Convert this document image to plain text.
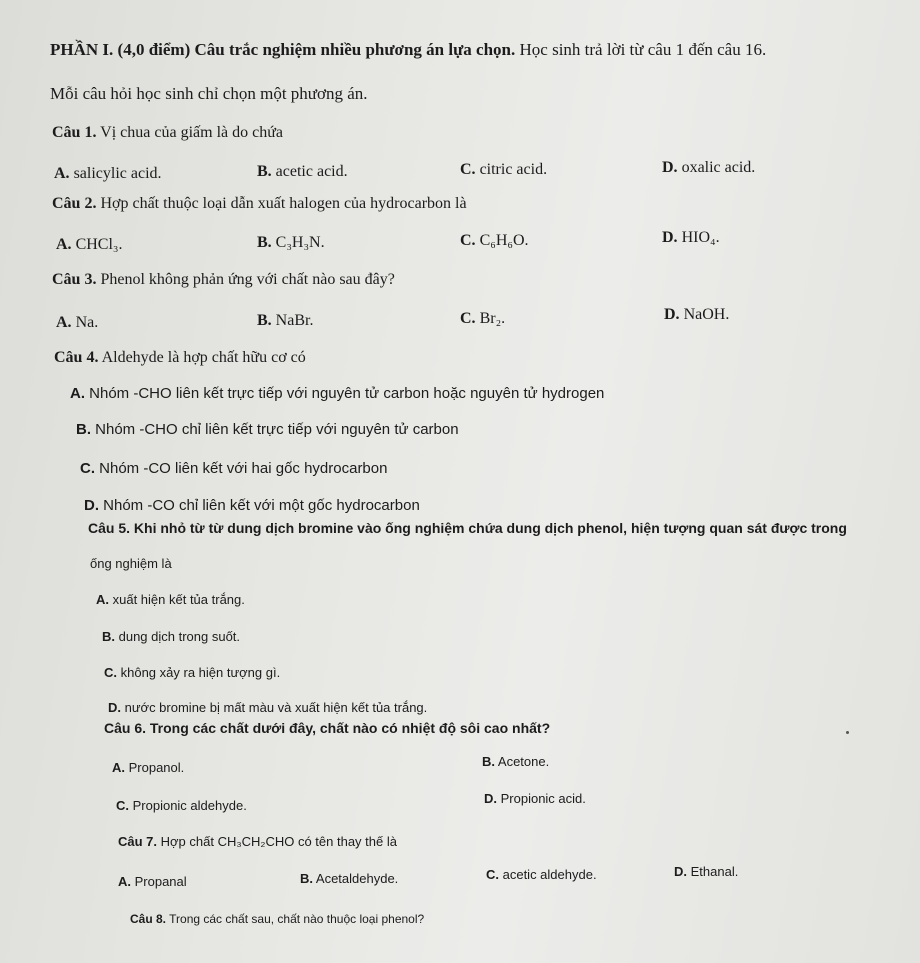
PHẦN I. (4,0 điểm) Câu trắc nghiệm nhiều phương án lựa chọn. Học sinh trả lời từ câu 1 đến câu 16.
Mỗi câu hỏi học sinh chỉ chọn một phương án.
Câu 1. Vị chua của giấm là do chứa
A. salicylic acid.	B. acetic acid.	C. citric acid.	D. oxalic acid.
Câu 2. Hợp chất thuộc loại dẫn xuất halogen của hydrocarbon là
A. CHCl₃.	B. C₃H₃N.	C. C₆H₆O.	D. HIO₄.
Câu 3. Phenol không phản ứng với chất nào sau đây?
A. Na.	B. NaBr.	C. Br₂.	D. NaOH.
Câu 4. Aldehyde là hợp chất hữu cơ có
A. Nhóm -CHO liên kết trực tiếp với nguyên tử carbon hoặc nguyên tử hydrogen
B. Nhóm -CHO chỉ liên kết trực tiếp với nguyên tử carbon
C. Nhóm -CO liên kết với hai gốc hydrocarbon
D. Nhóm -CO chỉ liên kết với một gốc hydrocarbon
Câu 5. Khi nhỏ từ từ dung dịch bromine vào ống nghiệm chứa dung dịch phenol, hiện tượng quan sát được trong
ống nghiệm là
A. xuất hiện kết tủa trắng.
B. dung dịch trong suốt.
C. không xảy ra hiện tượng gì.
D. nước bromine bị mất màu và xuất hiện kết tủa trắng.
Câu 6. Trong các chất dưới đây, chất nào có nhiệt độ sôi cao nhất?
A. Propanol.	B. Acetone.
C. Propionic aldehyde.	D. Propionic acid.
Câu 7. Hợp chất CH₃CH₂CHO có tên thay thế là
A. Propanal	B. Acetaldehyde.	C. acetic aldehyde.	D. Ethanal.
Câu 8. Trong các chất sau, chất nào thuộc loại phenol?
